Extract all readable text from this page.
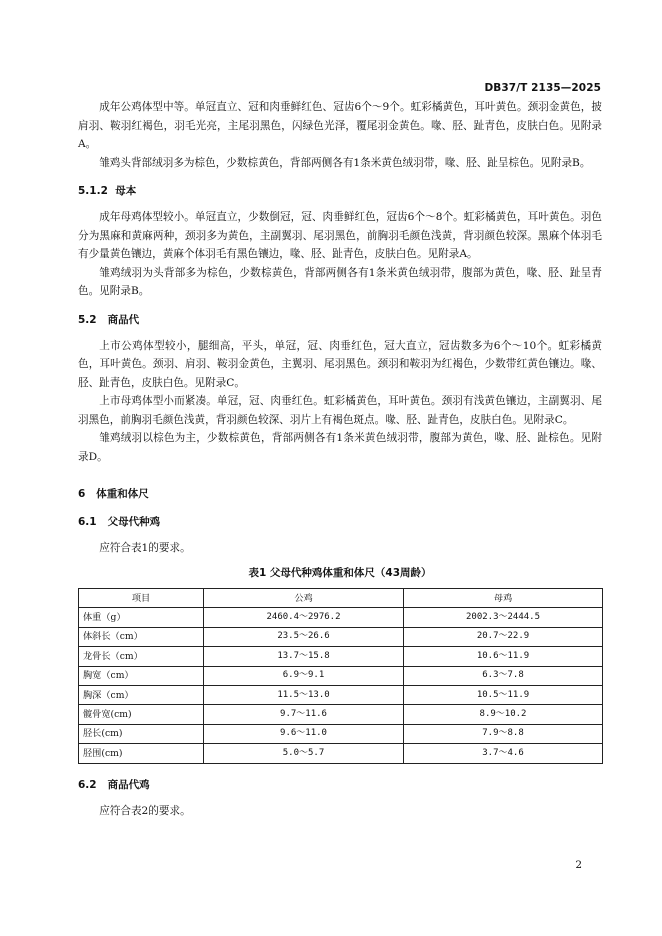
DB37/T 2135—2025

成年公鸡体型中等。单冠直立、冠和肉垂鲜红色、冠齿6个～9个。虹彩橘黄色，耳叶黄色。颈羽金黄色，披肩羽、鞍羽红褐色，羽毛光亮，主尾羽黑色，闪绿色光泽，覆尾羽金黄色。喙、胫、趾青色，皮肤白色。见附录A。

雏鸡头背部绒羽多为棕色，少数棕黄色，背部两侧各有1条米黄色绒羽带，喙、胫、趾呈棕色。见附录B。

5.1.2 母本

成年母鸡体型较小。单冠直立，少数倒冠，冠、肉垂鲜红色，冠齿6个～8个。虹彩橘黄色，耳叶黄色。羽色分为黑麻和黄麻两种，颈羽多为黄色，主副翼羽、尾羽黑色，前胸羽毛颜色浅黄，背羽颜色较深。黑麻个体羽毛有少量黄色镶边，黄麻个体羽毛有黑色镶边，喙、胫、趾青色，皮肤白色。见附录A。

雏鸡绒羽为头背部多为棕色，少数棕黄色，背部两侧各有1条米黄色绒羽带，腹部为黄色，喙、胫、趾呈青色。见附录B。

5.2 商品代

上市公鸡体型较小，腿细高，平头，单冠，冠、肉垂红色，冠大直立，冠齿数多为6个～10个。虹彩橘黄色，耳叶黄色。颈羽、肩羽、鞍羽金黄色，主翼羽、尾羽黑色。颈羽和鞍羽为红褐色，少数带红黄色镶边。喙、胫、趾青色，皮肤白色。见附录C。

上市母鸡体型小而紧凑。单冠，冠、肉垂红色。虹彩橘黄色，耳叶黄色。颈羽有浅黄色镶边，主副翼羽、尾羽黑色，前胸羽毛颜色浅黄，背羽颜色较深、羽片上有褐色斑点。喙、胫、趾青色，皮肤白色。见附录C。

雏鸡绒羽以棕色为主，少数棕黄色，背部两侧各有1条米黄色绒羽带，腹部为黄色，喙、胫、趾棕色。见附录D。

6 体重和体尺
6.1 父母代种鸡

应符合表1的要求。

表1 父母代种鸡体重和体尺（43周龄）
项目	公鸡	母鸡
体重（g）	2460.4～2976.2	2002.3～2444.5
体斜长（cm）	23.5～26.6	20.7～22.9
龙骨长（cm）	13.7～15.8	10.6～11.9
胸宽（cm）	6.9～9.1	6.3～7.8
胸深（cm）	11.5～13.0	10.5～11.9
髋骨宽(cm)	9.7～11.6	8.9～10.2
胫长(cm)	9.6～11.0	7.9～8.8
胫围(cm)	5.0～5.7	3.7～4.6
6.2 商品代鸡

应符合表2的要求。

2
